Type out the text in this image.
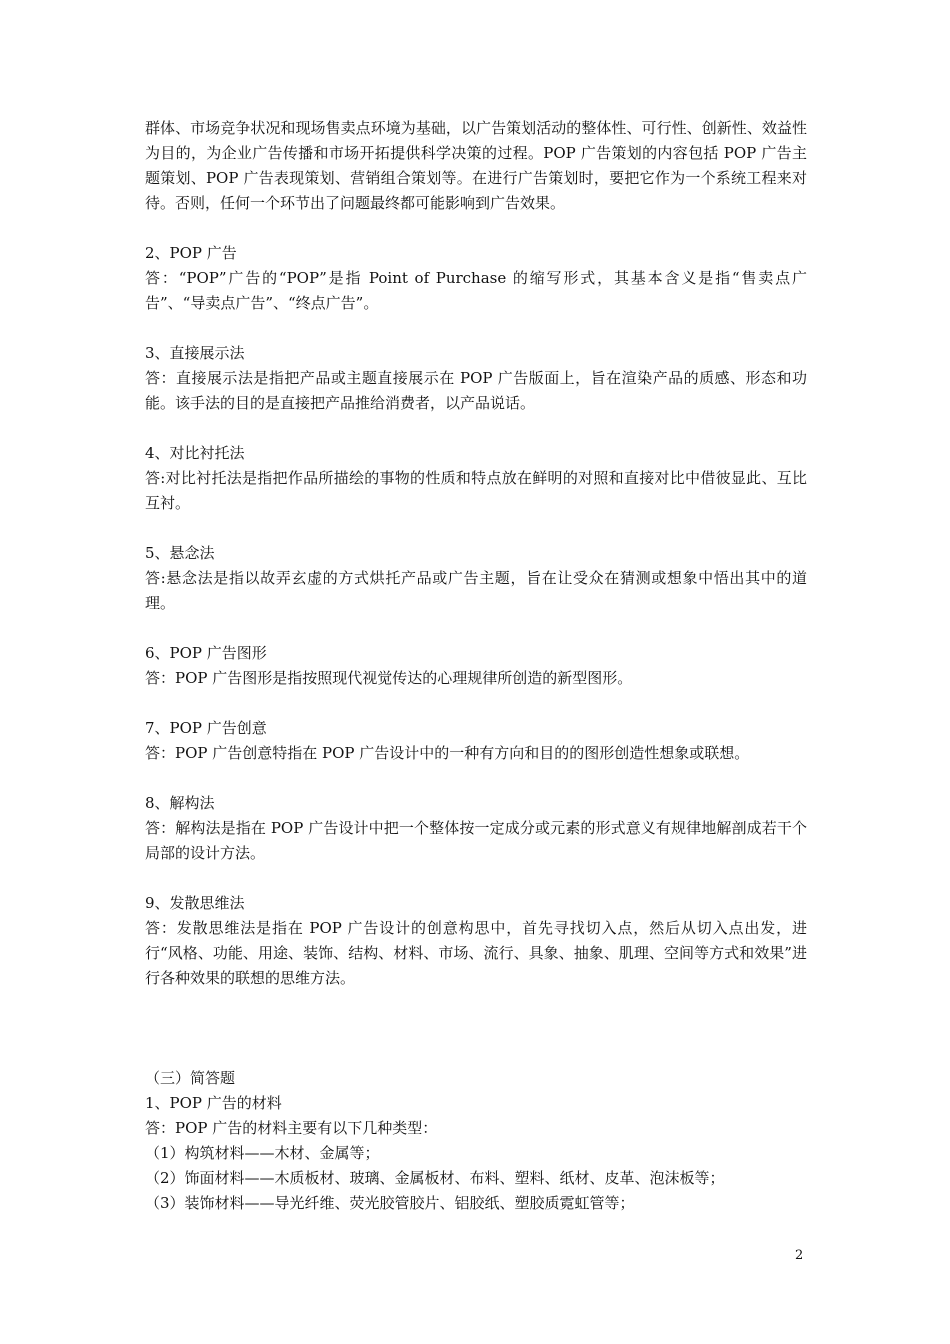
群体、市场竞争状况和现场售卖点环境为基础，以广告策划活动的整体性、可行性、创新性、效益性为目的，为企业广告传播和市场开拓提供科学决策的过程。POP 广告策划的内容包括 POP 广告主题策划、POP 广告表现策划、营销组合策划等。在进行广告策划时，要把它作为一个系统工程来对待。否则，任何一个环节出了问题最终都可能影响到广告效果。

2、POP 广告

答：“POP”广告的“POP”是指 Point of Purchase 的缩写形式，其基本含义是指“售卖点广告”、“导卖点广告”、“终点广告”。

3、直接展示法

答：直接展示法是指把产品或主题直接展示在 POP 广告版面上，旨在渲染产品的质感、形态和功能。该手法的目的是直接把产品推给消费者，以产品说话。

4、对比衬托法

答:对比衬托法是指把作品所描绘的事物的性质和特点放在鲜明的对照和直接对比中借彼显此、互比互衬。

5、悬念法

答:悬念法是指以故弄玄虚的方式烘托产品或广告主题，旨在让受众在猜测或想象中悟出其中的道理。

6、POP 广告图形

答：POP 广告图形是指按照现代视觉传达的心理规律所创造的新型图形。

7、POP 广告创意

答：POP 广告创意特指在 POP 广告设计中的一种有方向和目的的图形创造性想象或联想。

8、解构法

答：解构法是指在 POP 广告设计中把一个整体按一定成分或元素的形式意义有规律地解剖成若干个局部的设计方法。

9、发散思维法

答：发散思维法是指在 POP 广告设计的创意构思中，首先寻找切入点，然后从切入点出发，进行“风格、功能、用途、装饰、结构、材料、市场、流行、具象、抽象、肌理、空间等方式和效果”进行各种效果的联想的思维方法。

（三）简答题

1、POP 广告的材料

答：POP 广告的材料主要有以下几种类型：

（1）构筑材料——木材、金属等；

（2）饰面材料——木质板材、玻璃、金属板材、布料、塑料、纸材、皮革、泡沫板等；

（3）装饰材料——导光纤维、荧光胶管胶片、铝胶纸、塑胶质霓虹管等；

2
